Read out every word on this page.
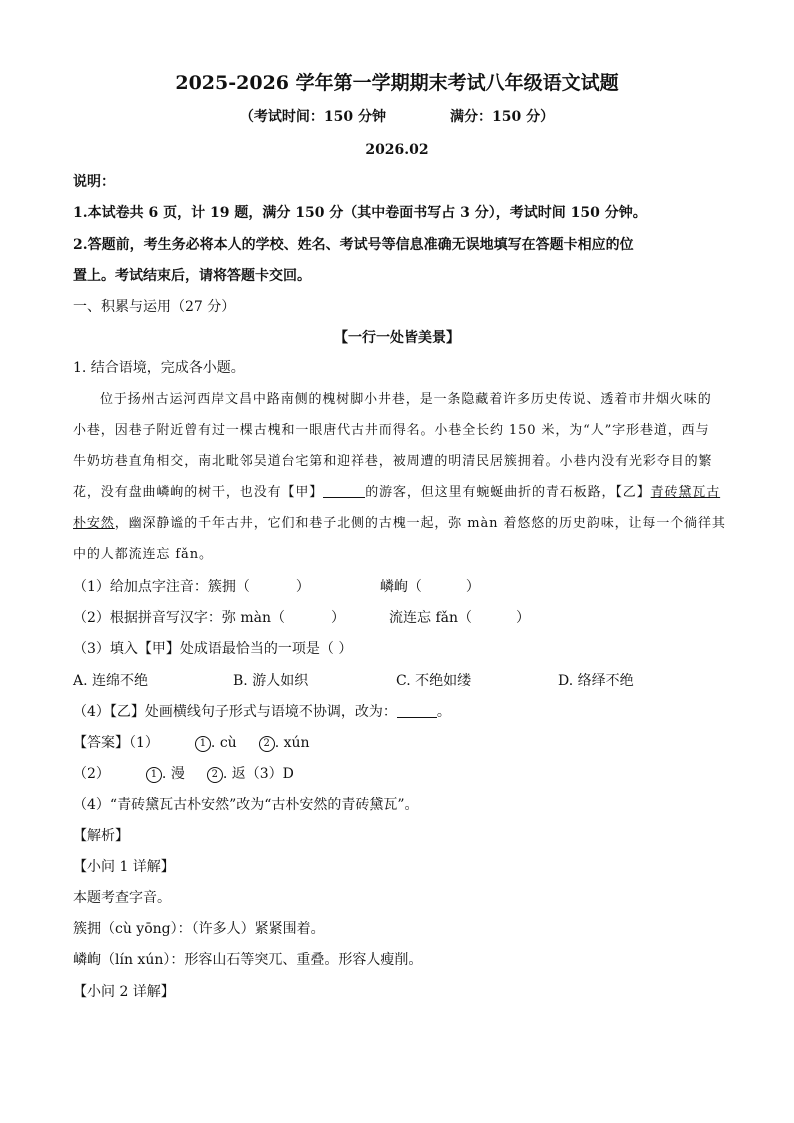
2025-2026 学年第一学期期末考试八年级语文试题
（考试时间：150 分钟	满分：150 分）
2026.02
说明：
1.本试卷共 6 页，计 19 题，满分 150 分（其中卷面书写占 3 分），考试时间 150 分钟。
2.答题前，考生务必将本人的学校、姓名、考试号等信息准确无误地填写在答题卡相应的位
置上。考试结束后，请将答题卡交回。
一、积累与运用（27 分）
【一行一处皆美景】
1. 结合语境，完成各小题。
位于扬州古运河西岸文昌中路南侧的槐树脚小井巷，是一条隐藏着许多历史传说、透着市井烟火味的
小巷，因巷子附近曾有过一棵古槐和一眼唐代古井而得名。小巷全长约 150 米，为“人”字形巷道，西与
牛奶坊巷直角相交，南北毗邻吴道台宅第和迎祥巷，被周遭的明清民居簇拥着。小巷内没有光彩夺目的繁
花，没有盘曲嶙峋的树干，也没有【甲】	的游客，但这里有蜿蜒曲折的青石板路，【乙】青砖黛瓦古
朴安然，幽深静谧的千年古井，它们和巷子北侧的古槐一起，弥 màn 着悠悠的历史韵味，让每一个徜徉其
中的人都流连忘 fǎn。
（1）给加点字注音：簇拥（	）	嶙峋（	）
（2）根据拼音写汉字：弥 màn（	）	流连忘 fǎn（	）
（3）填入【甲】处成语最恰当的一项是（ ）
A. 连绵不绝	B. 游人如织	C. 不绝如缕	D. 络绎不绝
（4）【乙】处画横线句子形式与语境不协调，改为：	。
【答案】（1）	1 . cù	2 . xún
（2）	1 . 漫	2 . 返（3）D
（4）“青砖黛瓦古朴安然”改为“古朴安然的青砖黛瓦”。
【解析】
【小问 1 详解】
本题考查字音。
簇拥（cù yōng）：（许多人）紧紧围着。
嶙峋（lín xún）：形容山石等突兀、重叠。形容人瘦削。
【小问 2 详解】
